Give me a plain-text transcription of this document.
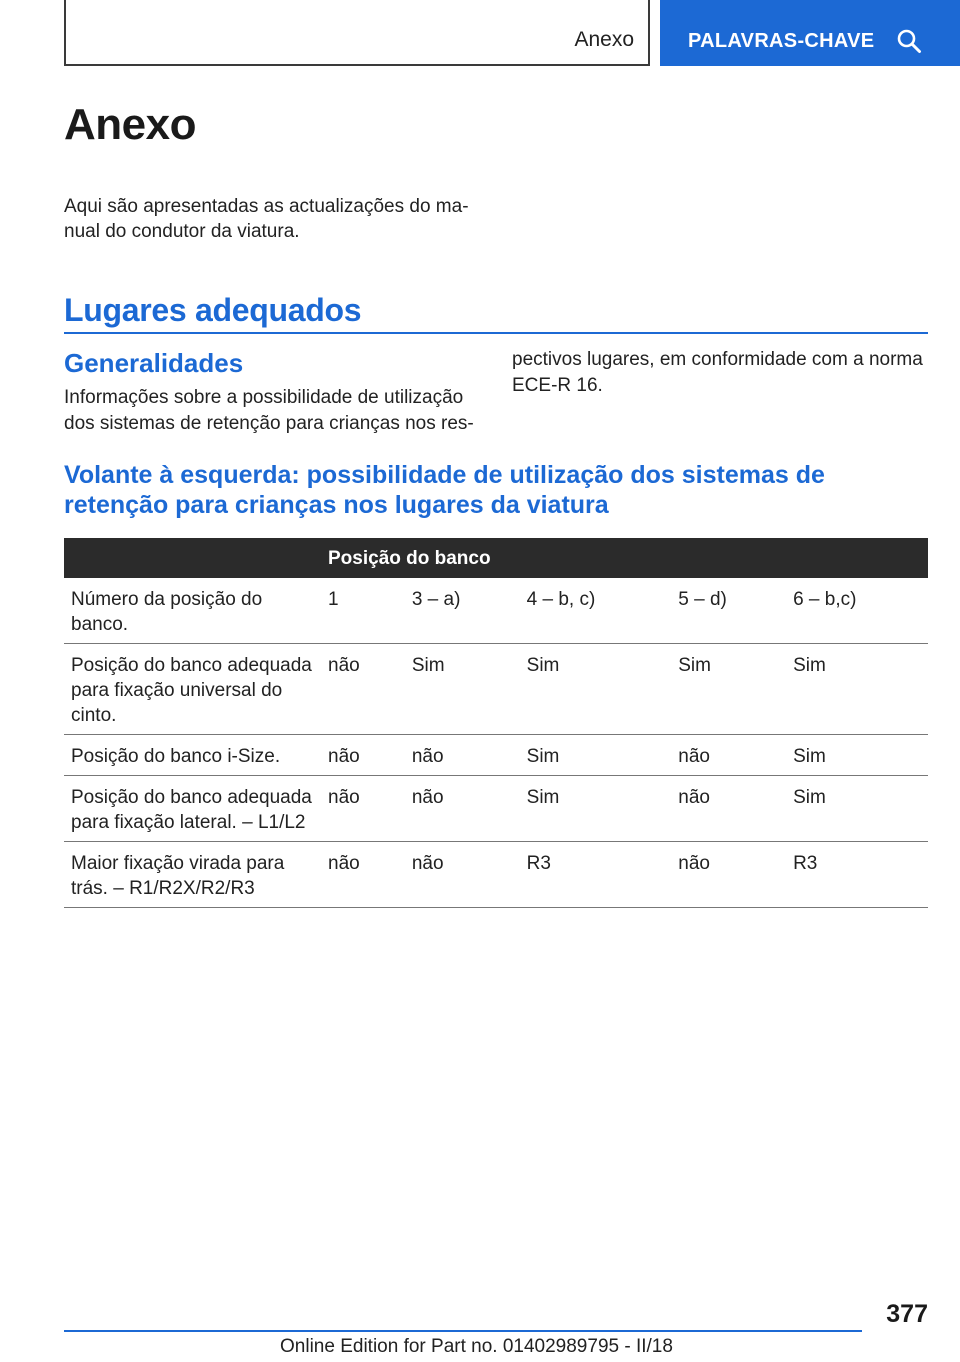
Anexo	PALAVRAS-CHAVE
Anexo

Aqui são apresentadas as actualizações do manual do condutor da viatura.

Lugares adequados
Generalidades

Informações sobre a possibilidade de utilização dos sistemas de retenção para crianças nos res-

pectivos lugares, em conformidade com a norma ECE-R 16.

Volante à esquerda: possibilidade de utilização dos sistemas de retenção para crianças nos lugares da viatura
	Posição do banco				
Número da posição do banco.	1	3 – a)	4 – b, c)	5 – d)	6 – b,c)
Posição do banco adequada para fixação universal do cinto.	não	Sim	Sim	Sim	Sim
Posição do banco i-Size.	não	não	Sim	não	Sim
Posição do banco adequada para fixação lateral. – L1/L2	não	não	Sim	não	Sim
Maior fixação virada para trás. – R1/R2X/R2/R3	não	não	R3	não	R3
377
Online Edition for Part no. 01402989795 - II/18
